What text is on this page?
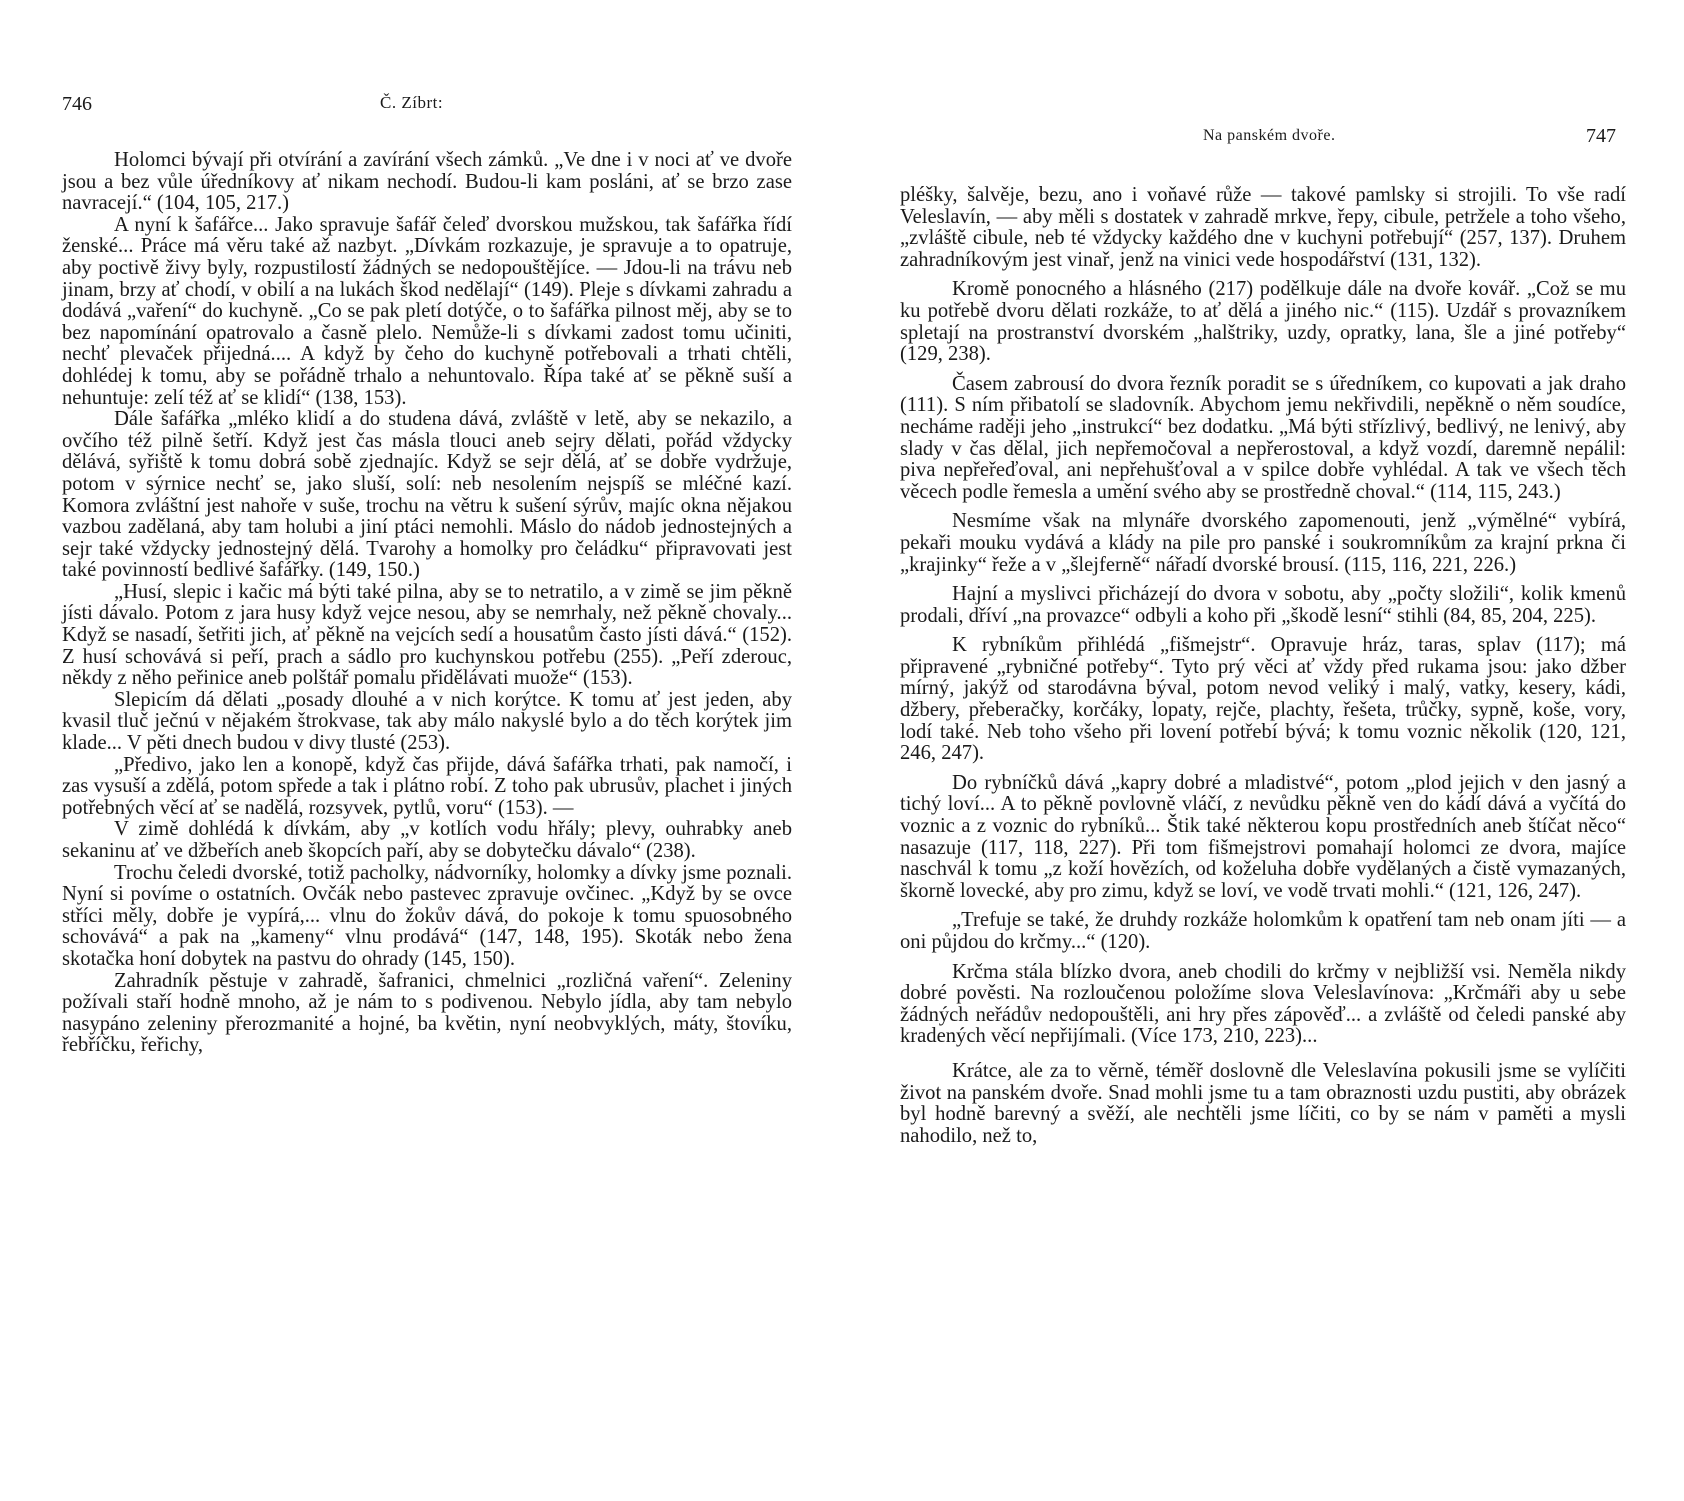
746	Č. Zíbrt:

Holomci bývají při otvírání a zavírání všech zámků. „Ve dne i v noci ať ve dvoře jsou a bez vůle úředníkovy ať nikam nechodí. Budou-li kam posláni, ať se brzo zase navracejí.“ (104, 105, 217.)

A nyní k šafářce... Jako spravuje šafář čeleď dvorskou mužskou, tak šafářka řídí ženské... Práce má věru také až nazbyt. „Dívkám rozkazuje, je spravuje a to opatruje, aby poctivě živy byly, rozpustilostí žádných se nedopouštějíce. — Jdou-li na trávu neb jinam, brzy ať chodí, v obilí a na lukách škod nedělají“ (149). Pleje s dívkami zahradu a dodává „vaření“ do kuchyně. „Co se pak pletí dotýče, o to šafářka pilnost měj, aby se to bez napomínání opatrovalo a časně plelo. Nemůže-li s dívkami zadost tomu učiniti, nechť plevaček přijedná.... A když by čeho do kuchyně potřebovali a trhati chtěli, dohlédej k tomu, aby se pořádně trhalo a nehuntovalo. Řípa také ať se pěkně suší a nehuntuje: zelí též ať se klidí“ (138, 153).

Dále šafářka „mléko klidí a do studena dává, zvláště v letě, aby se nekazilo, a ovčího též pilně šetří. Když jest čas másla tlouci aneb sejry dělati, pořád vždycky dělává, syřiště k tomu dobrá sobě zjednajíc. Když se sejr dělá, ať se dobře vydržuje, potom v sýrnice nechť se, jako sluší, solí: neb nesolením nejspíš se mléčné kazí. Komora zvláštní jest nahoře v suše, trochu na větru k sušení sýrův, majíc okna nějakou vazbou zadělaná, aby tam holubi a jiní ptáci nemohli. Máslo do nádob jednostejných a sejr také vždycky jednostejný dělá. Tvarohy a homolky pro čeládku“ připravovati jest také povinností bedlivé šafářky. (149, 150.)

„Husí, slepic i kačic má býti také pilna, aby se to netratilo, a v zimě se jim pěkně jísti dávalo. Potom z jara husy když vejce nesou, aby se nemrhaly, než pěkně chovaly... Když se nasadí, šetřiti jich, ať pěkně na vejcích sedí a housatům často jísti dává.“ (152). Z husí schovává si peří, prach a sádlo pro kuchynskou potřebu (255). „Peří zderouc, někdy z něho peřinice aneb polštář pomalu přidělávati muože“ (153).

Slepicím dá dělati „posady dlouhé a v nich korýtce. K tomu ať jest jeden, aby kvasil tluč ječnú v nějakém štrokvase, tak aby málo nakyslé bylo a do těch korýtek jim klade... V pěti dnech budou v divy tlusté (253).

„Předivo, jako len a konopě, když čas přijde, dává šafářka trhati, pak namočí, i zas vysuší a zdělá, potom spřede a tak i plátno robí. Z toho pak ubrusův, plachet i jiných potřebných věcí ať se nadělá, rozsyvek, pytlů, voru“ (153). —

V zimě dohlédá k dívkám, aby „v kotlích vodu hřály; plevy, ouhrabky aneb sekaninu ať ve džbeřích aneb škopcích paří, aby se dobytečku dávalo“ (238).

Trochu čeledi dvorské, totiž pacholky, nádvorníky, holomky a dívky jsme poznali. Nyní si povíme o ostatních. Ovčák nebo pastevec zpravuje ovčinec. „Když by se ovce stříci měly, dobře je vypírá,... vlnu do žokův dává, do pokoje k tomu spuosobného schovává“ a pak na „kameny“ vlnu prodává“ (147, 148, 195). Skoták nebo žena skotačka honí dobytek na pastvu do ohrady (145, 150).

Zahradník pěstuje v zahradě, šafranici, chmelnici „rozličná vaření“. Zeleniny požívali staří hodně mnoho, až je nám to s podivenou. Nebylo jídla, aby tam nebylo nasypáno zeleniny přerozmanité a hojné, ba květin, nyní neobvyklých, máty, štovíku, řebříčku, řeřichy,

Na panském dvoře.	747

pléšky, šalvěje, bezu, ano i voňavé růže — takové pamlsky si strojili. To vše radí Veleslavín, — aby měli s dostatek v zahradě mrkve, řepy, cibule, petržele a toho všeho, „zvláště cibule, neb té vždycky každého dne v kuchyni potřebují“ (257, 137). Druhem zahradníkovým jest vinař, jenž na vinici vede hospodářství (131, 132).

Kromě ponocného a hlásného (217) podělkuje dále na dvoře kovář. „Což se mu ku potřebě dvoru dělati rozkáže, to ať dělá a jiného nic.“ (115). Uzdář s provazníkem spletají na prostranství dvorském „halštriky, uzdy, opratky, lana, šle a jiné potřeby“ (129, 238).

Časem zabrousí do dvora řezník poradit se s úředníkem, co kupovati a jak draho (111). S ním přibatolí se sladovník. Abychom jemu nekřivdili, nepěkně o něm soudíce, necháme raději jeho „instrukcí“ bez dodatku. „Má býti střízlivý, bedlivý, ne lenivý, aby slady v čas dělal, jich nepřemočoval a nepřerostoval, a když vozdí, daremně nepálil: piva nepřeřeďoval, ani nepřehušťoval a v spilce dobře vyhlédal. A tak ve všech těch věcech podle řemesla a umění svého aby se prostředně choval.“ (114, 115, 243.)

Nesmíme však na mlynáře dvorského zapomenouti, jenž „výmělné“ vybírá, pekaři mouku vydává a klády na pile pro panské i soukromníkům za krajní prkna či „krajinky“ řeže a v „šlejferně“ nářadí dvorské brousí. (115, 116, 221, 226.)

Hajní a myslivci přicházejí do dvora v sobotu, aby „počty složili“, kolik kmenů prodali, dříví „na provazce“ odbyli a koho při „škodě lesní“ stihli (84, 85, 204, 225).

K rybníkům přihlédá „fišmejstr“. Opravuje hráz, taras, splav (117); má připravené „rybničné potřeby“. Tyto prý věci ať vždy před rukama jsou: jako džber mírný, jakýž od starodávna býval, potom nevod veliký i malý, vatky, kesery, kádi, džbery, přeberačky, korčáky, lopaty, rejče, plachty, řešeta, trůčky, sypně, koše, vory, lodí také. Neb toho všeho při lovení potřebí bývá; k tomu voznic několik (120, 121, 246, 247).

Do rybníčků dává „kapry dobré a mladistvé“, potom „plod jejich v den jasný a tichý loví... A to pěkně povlovně vláčí, z nevůdku pěkně ven do kádí dává a vyčítá do voznic a z voznic do rybníků... Štik také některou kopu prostředních aneb štíčat něco“ nasazuje (117, 118, 227). Při tom fišmejstrovi pomahají holomci ze dvora, majíce naschvál k tomu „z koží hovězích, od koželuha dobře vydělaných a čistě vymazaných, škorně lovecké, aby pro zimu, když se loví, ve vodě trvati mohli.“ (121, 126, 247).

„Trefuje se také, že druhdy rozkáže holomkům k opatření tam neb onam jíti — a oni půjdou do krčmy...“ (120).

Krčma stála blízko dvora, aneb chodili do krčmy v nejbližší vsi. Neměla nikdy dobré pověsti. Na rozloučenou položíme slova Veleslavínova: „Krčmáři aby u sebe žádných neřádův nedopouštěli, ani hry přes zápověď... a zvláště od čeledi panské aby kradených věcí nepřijímali. (Více 173, 210, 223)...

Krátce, ale za to věrně, téměř doslovně dle Veleslavína pokusili jsme se vylíčiti život na panském dvoře. Snad mohli jsme tu a tam obraznosti uzdu pustiti, aby obrázek byl hodně barevný a svěží, ale nechtěli jsme líčiti, co by se nám v paměti a mysli nahodilo, než to,
